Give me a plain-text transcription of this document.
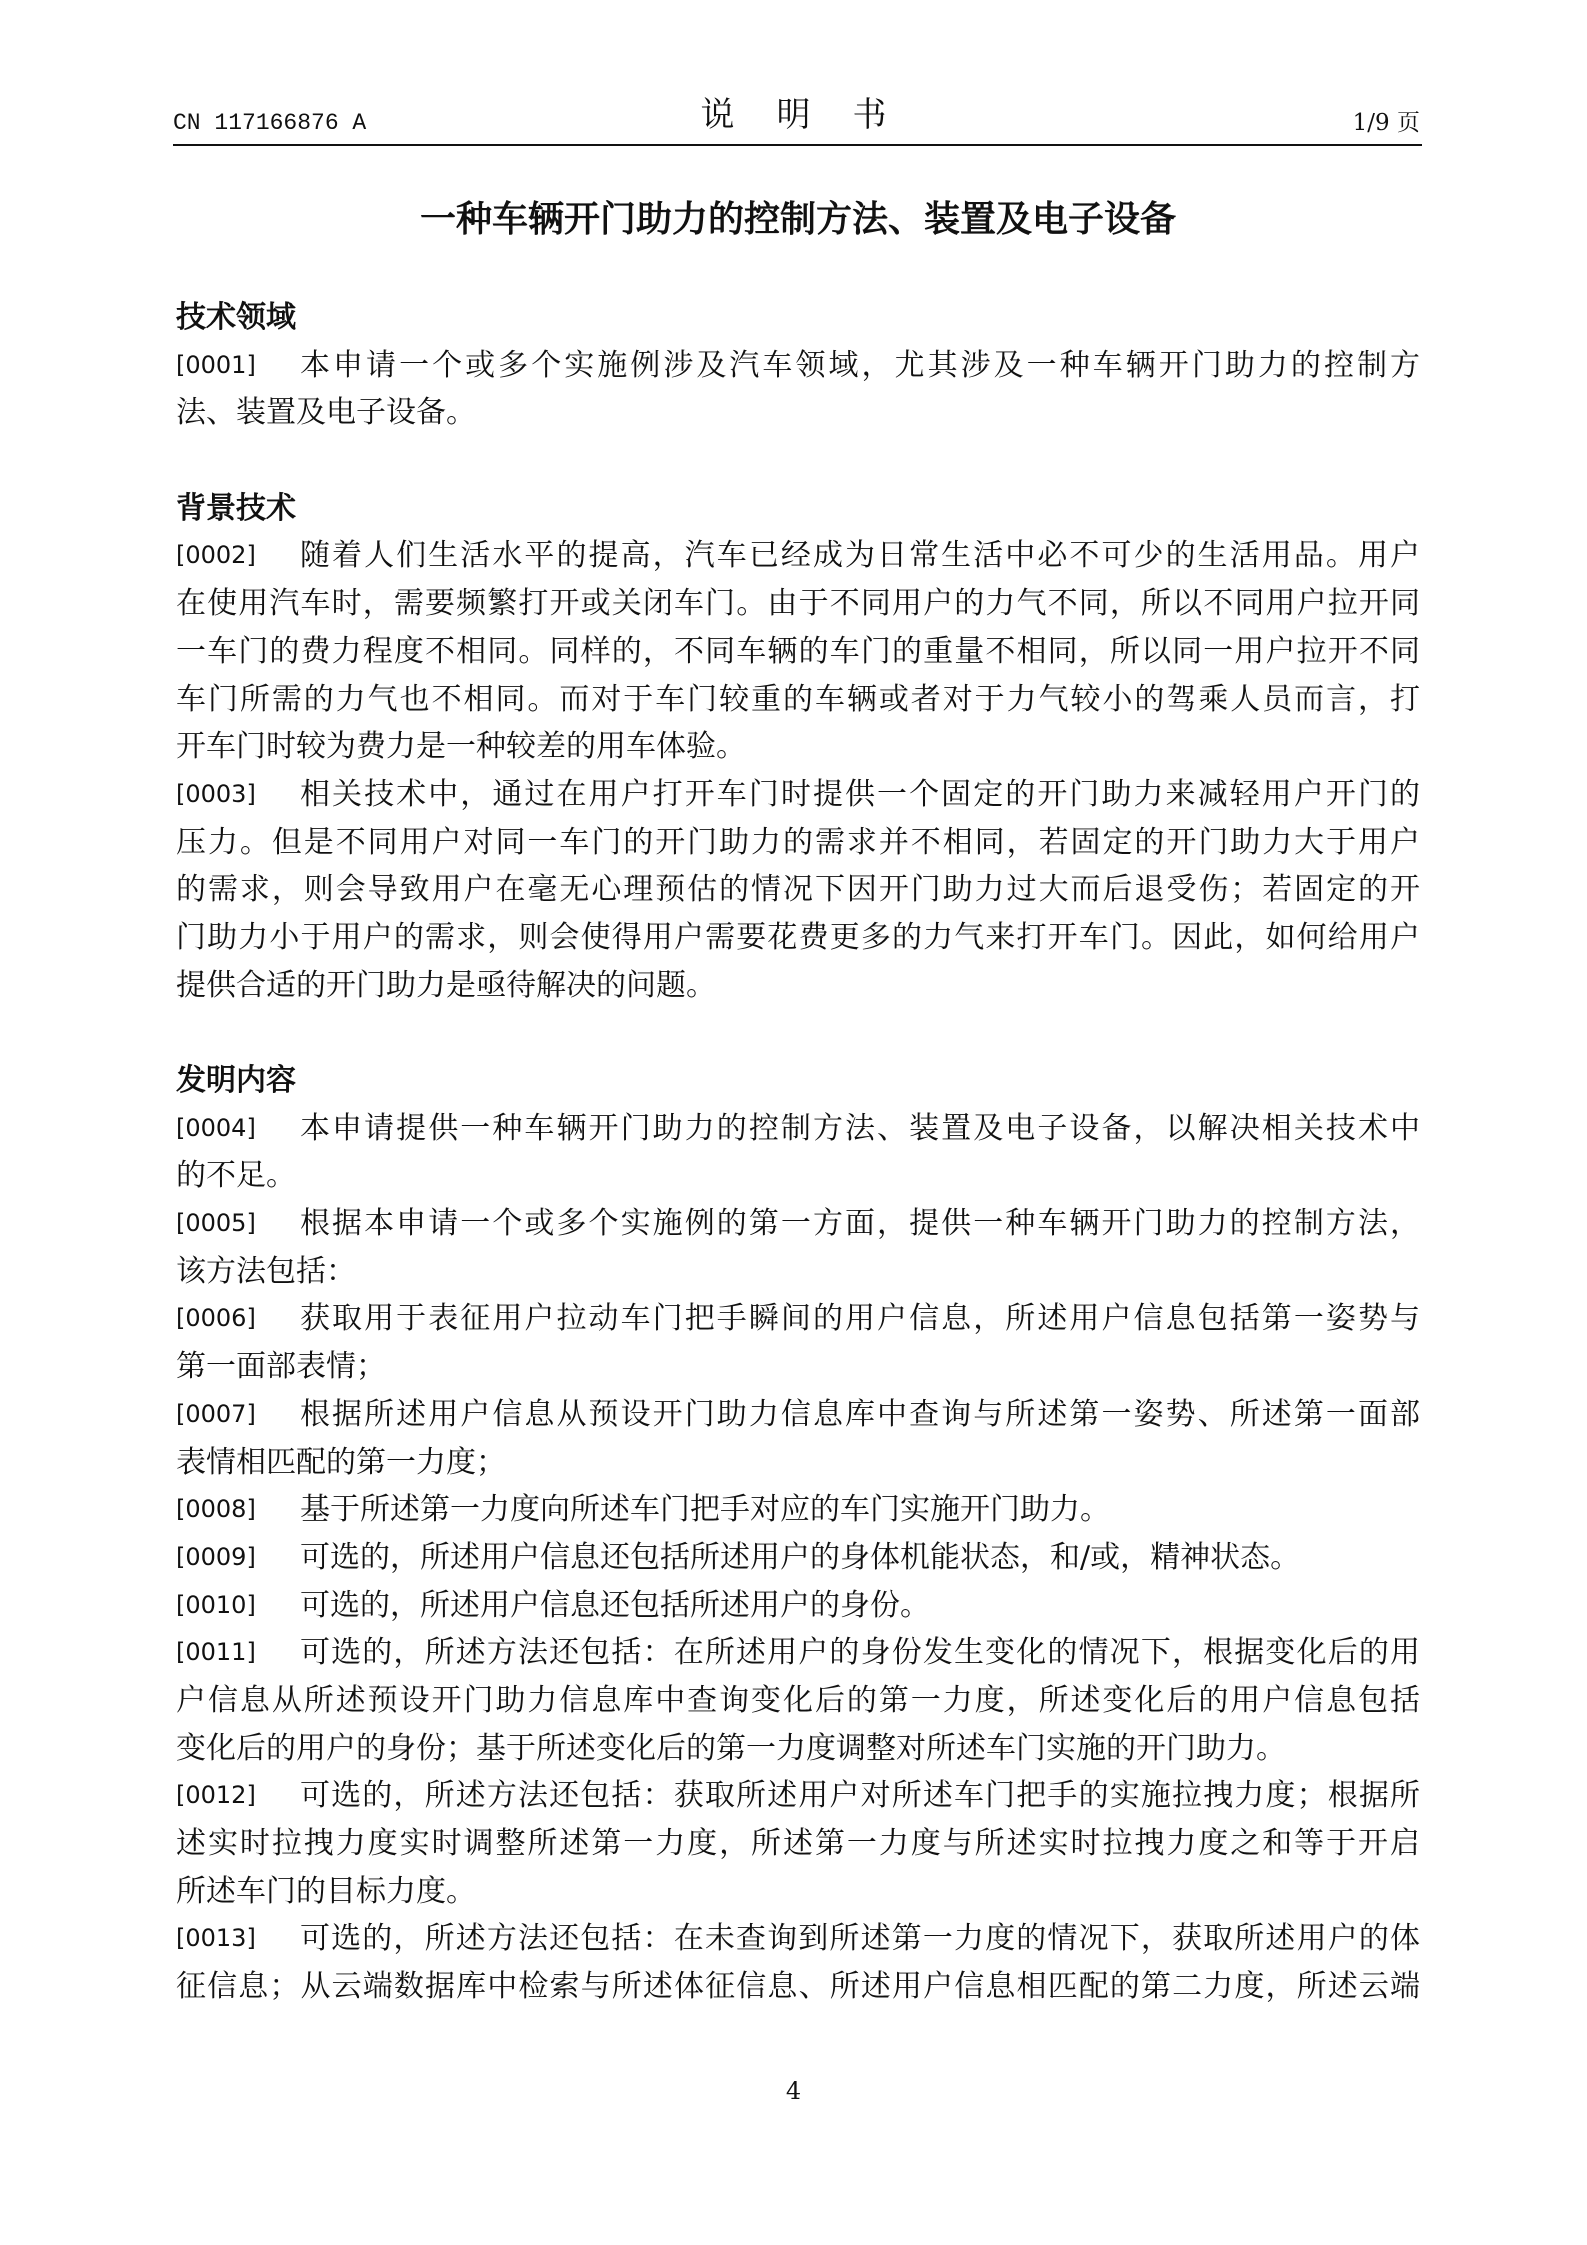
CN 117166876 A	说明书	1/9 页
一种车辆开门助力的控制方法、装置及电子设备
技术领域
[0001]	本申请一个或多个实施例涉及汽车领域，尤其涉及一种车辆开门助力的控制方
法、装置及电子设备。
背景技术
[0002]	随着人们生活水平的提高，汽车已经成为日常生活中必不可少的生活用品。用户
在使用汽车时，需要频繁打开或关闭车门。由于不同用户的力气不同，所以不同用户拉开同
一车门的费力程度不相同。同样的，不同车辆的车门的重量不相同，所以同一用户拉开不同
车门所需的力气也不相同。而对于车门较重的车辆或者对于力气较小的驾乘人员而言，打
开车门时较为费力是一种较差的用车体验。
[0003]	相关技术中，通过在用户打开车门时提供一个固定的开门助力来减轻用户开门的
压力。但是不同用户对同一车门的开门助力的需求并不相同，若固定的开门助力大于用户
的需求，则会导致用户在毫无心理预估的情况下因开门助力过大而后退受伤；若固定的开
门助力小于用户的需求，则会使得用户需要花费更多的力气来打开车门。因此，如何给用户
提供合适的开门助力是亟待解决的问题。
发明内容
[0004]	本申请提供一种车辆开门助力的控制方法、装置及电子设备，以解决相关技术中
的不足。
[0005]	根据本申请一个或多个实施例的第一方面，提供一种车辆开门助力的控制方法，
该方法包括：
[0006]	获取用于表征用户拉动车门把手瞬间的用户信息，所述用户信息包括第一姿势与
第一面部表情；
[0007]	根据所述用户信息从预设开门助力信息库中查询与所述第一姿势、所述第一面部
表情相匹配的第一力度；
[0008]	基于所述第一力度向所述车门把手对应的车门实施开门助力。
[0009]	可选的，所述用户信息还包括所述用户的身体机能状态，和/或，精神状态。
[0010]	可选的，所述用户信息还包括所述用户的身份。
[0011]	可选的，所述方法还包括：在所述用户的身份发生变化的情况下，根据变化后的用
户信息从所述预设开门助力信息库中查询变化后的第一力度，所述变化后的用户信息包括
变化后的用户的身份；基于所述变化后的第一力度调整对所述车门实施的开门助力。
[0012]	可选的，所述方法还包括：获取所述用户对所述车门把手的实施拉拽力度；根据所
述实时拉拽力度实时调整所述第一力度，所述第一力度与所述实时拉拽力度之和等于开启
所述车门的目标力度。
[0013]	可选的，所述方法还包括：在未查询到所述第一力度的情况下，获取所述用户的体
征信息；从云端数据库中检索与所述体征信息、所述用户信息相匹配的第二力度，所述云端
4
